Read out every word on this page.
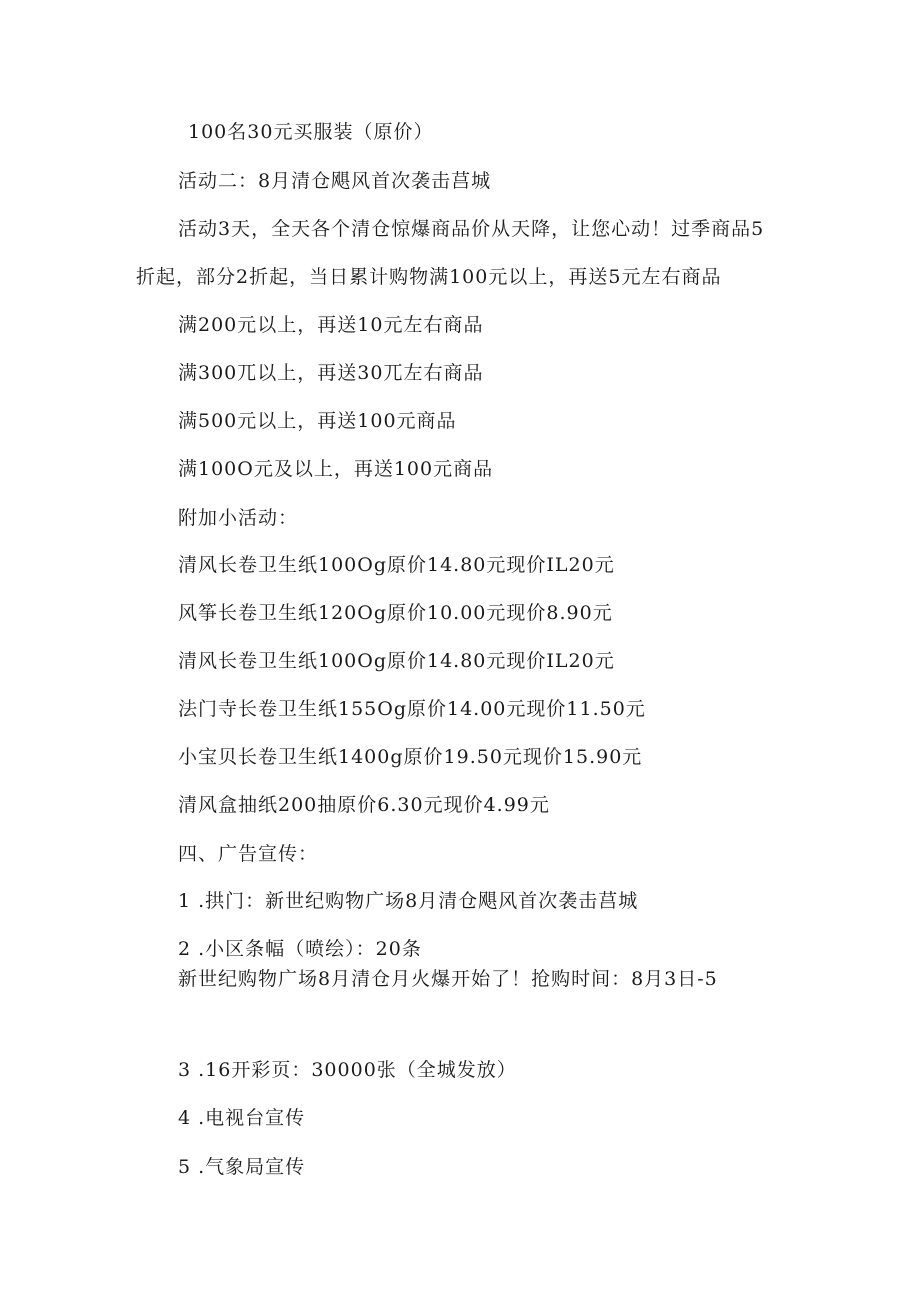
100名30元买服装（原价）
活动二：8月清仓飓风首次袭击莒城
活动3天，全天各个清仓惊爆商品价从天降，让您心动！过季商品5
折起，部分2折起，当日累计购物满100元以上，再送5元左右商品
满200元以上，再送10元左右商品
满300兀以上，再送30兀左右商品
满500元以上，再送100元商品
满100O元及以上，再送100元商品
附加小活动：
清风长卷卫生纸100Og原价14.80元现价IL20元
风筝长卷卫生纸120Og原价10.00元现价8.90元
清风长卷卫生纸100Og原价14.80元现价IL20元
法门寺长卷卫生纸155Og原价14.00元现价11.50元
小宝贝长卷卫生纸1400g原价19.50元现价15.90元
清风盒抽纸200抽原价6.30元现价4.99元
四、广告宣传：
1 .拱门：新世纪购物广场8月清仓飓风首次袭击莒城
2 .小区条幅（喷绘）：20条
新世纪购物广场8月清仓月火爆开始了！抢购时间：8月3日-5
3 .16开彩页：30000张（全城发放）
4 .电视台宣传
5 .气象局宣传
